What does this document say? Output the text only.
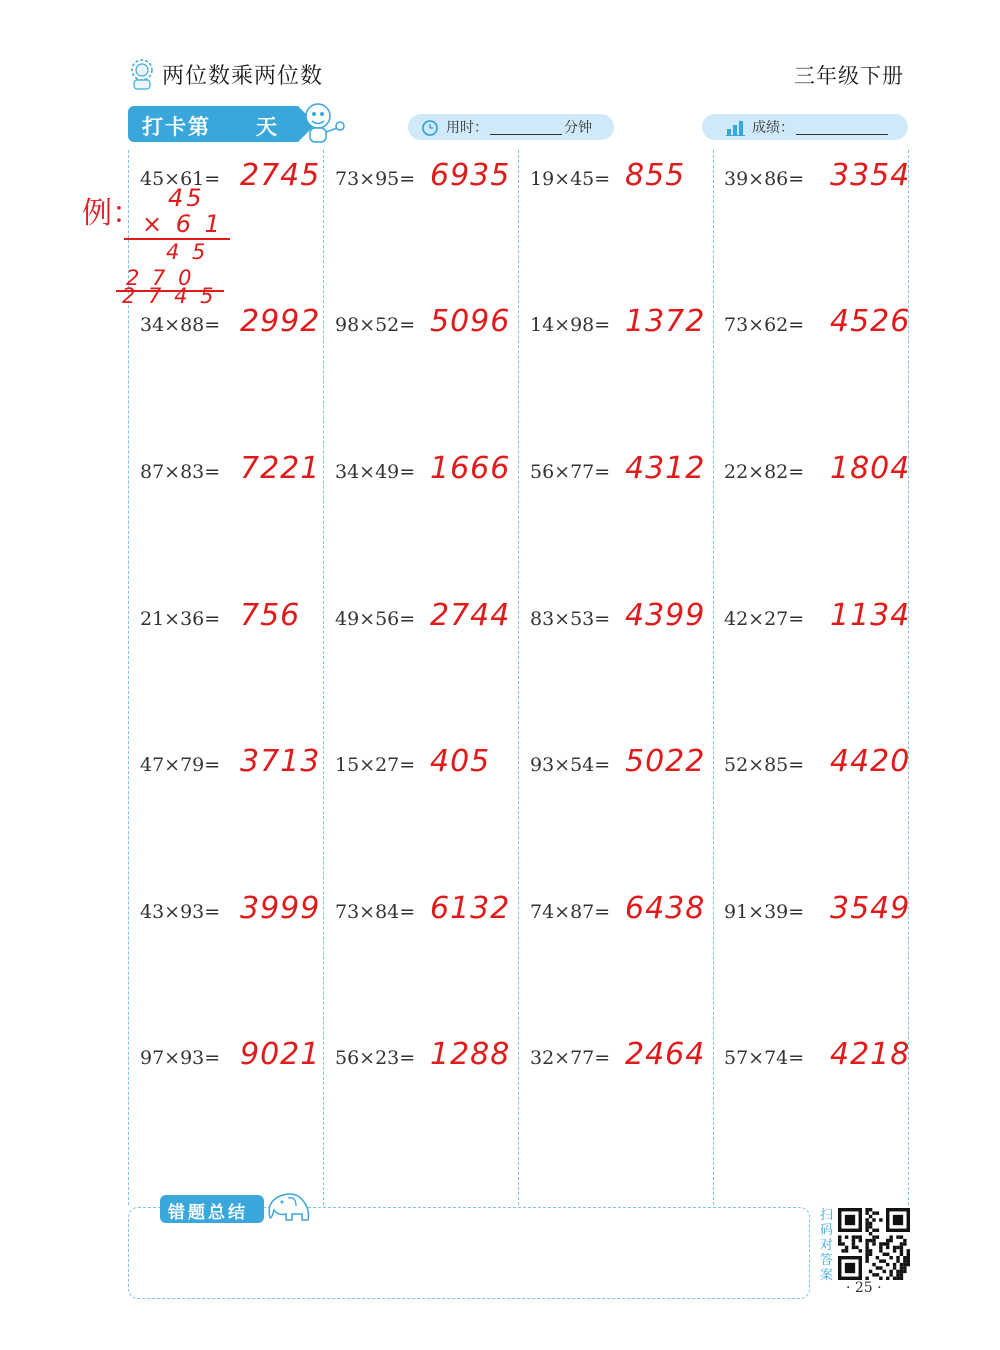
两位数乘两位数	三年级下册
打卡第 天	用时：	分钟	成绩：
45×61= 2745 73×95= 6935 19×45= 855 39×86= 3354
34×88= 2992 98×52= 5096 14×98= 1372 73×62= 4526
87×83= 7221 34×49= 1666 56×77= 4312 22×82= 1804
21×36= 756 49×56= 2744 83×53= 4399 42×27= 1134
47×79= 3713 15×27= 405 93×54= 5022 52×85= 4420
43×93= 3999 73×84= 6132 74×87= 6438 91×39= 3549
97×93= 9021 56×23= 1288 32×77= 2464 57×74= 4218
例： 45
× 6 1
4 5
2 7 0
2 7 4 5
错题总结	扫码对答案
· 25 ·
